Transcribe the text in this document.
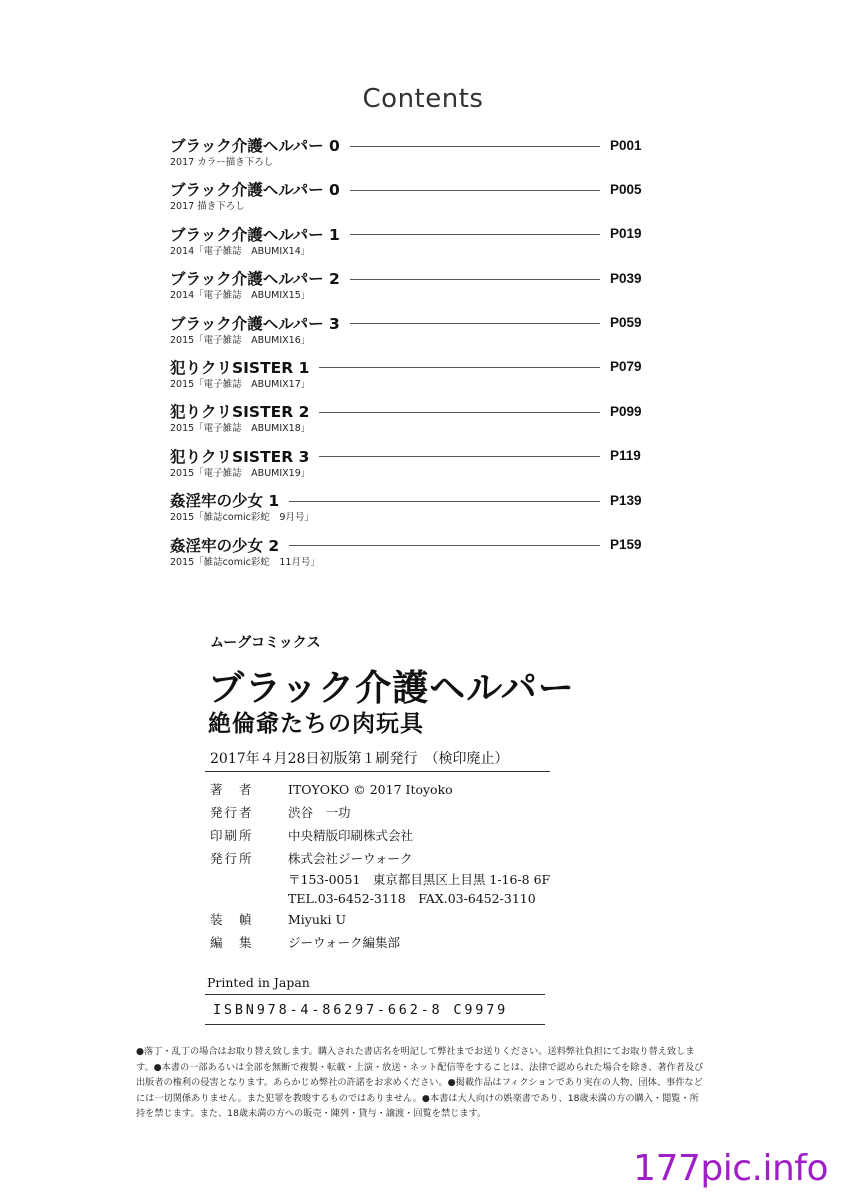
Contents
ブラック介護ヘルパー 0	P001
2017 カラー描き下ろし
ブラック介護ヘルパー 0	P005
2017 描き下ろし
ブラック介護ヘルパー 1	P019
2014「電子雑誌　ABUMIX14」
ブラック介護ヘルパー 2	P039
2014「電子雑誌　ABUMIX15」
ブラック介護ヘルパー 3	P059
2015「電子雑誌　ABUMIX16」
犯りクリSISTER 1	P079
2015「電子雑誌　ABUMIX17」
犯りクリSISTER 2	P099
2015「電子雑誌　ABUMIX18」
犯りクリSISTER 3	P119
2015「電子雑誌　ABUMIX19」
姦淫牢の少女 1	P139
2015「雑誌comic彩蛇　9月号」
姦淫牢の少女 2	P159
2015「雑誌comic彩蛇　11月号」
ムーグコミックス
ブラック介護ヘルパー
絶倫爺たちの肉玩具
2017年４月28日初版第１刷発行　（検印廃止）
著　者	ITOYOKO © 2017 Itoyoko
発行者	渋谷　一功
印刷所	中央精版印刷株式会社
発行所	株式会社ジーウォーク
〒153-0051　東京都目黒区上目黒 1-16-8 6F
TEL.03-6452-3118　FAX.03-6452-3110
装　幀	Miyuki U
編　集	ジーウォーク編集部
Printed in Japan
ISBN978-4-86297-662-8 C9979
●落丁・乱丁の場合はお取り替え致します。購入された書店名を明記して弊社までお送りください。送料弊社負担にてお取り替え致しま
す。●本書の一部あるいは全部を無断で複製・転載・上演・放送・ネット配信等をすることは、法律で認められた場合を除き、著作者及び
出版者の権利の侵害となります。あらかじめ弊社の許諾をお求めください。●掲載作品はフィクションであり実在の人物、団体、事件など
には一切関係ありません。また犯罪を教唆するものではありません。●本書は大人向けの娯楽書であり、18歳未満の方の購入・閲覧・所
持を禁じます。また、18歳未満の方への販売・陳列・貸与・譲渡・回覧を禁じます。
177pic.info
